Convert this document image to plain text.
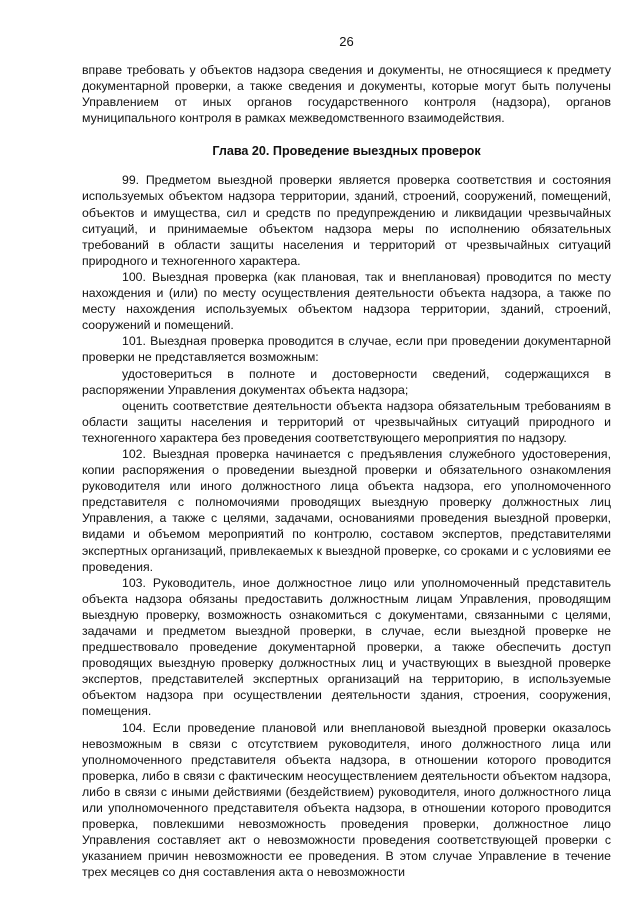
26

вправе требовать у объектов надзора сведения и документы, не относящиеся к предмету документарной проверки, а также сведения и документы, которые могут быть получены Управлением от иных органов государственного контроля (надзора), органов муниципального контроля в рамках межведомственного взаимодействия.

Глава 20. Проведение выездных проверок

99. Предметом выездной проверки является проверка соответствия и состояния используемых объектом надзора территории, зданий, строений, сооружений, помещений, объектов и имущества, сил и средств по предупреждению и ликвидации чрезвычайных ситуаций, и принимаемые объектом надзора меры по исполнению обязательных требований в области защиты населения и территорий от чрезвычайных ситуаций природного и техногенного характера.

100. Выездная проверка (как плановая, так и внеплановая) проводится по месту нахождения и (или) по месту осуществления деятельности объекта надзора, а также по месту нахождения используемых объектом надзора территории, зданий, строений, сооружений и помещений.

101. Выездная проверка проводится в случае, если при проведении документарной проверки не представляется возможным:

удостовериться в полноте и достоверности сведений, содержащихся в распоряжении Управления документах объекта надзора;

оценить соответствие деятельности объекта надзора обязательным требованиям в области защиты населения и территорий от чрезвычайных ситуаций природного и техногенного характера без проведения соответствующего мероприятия по надзору.

102. Выездная проверка начинается с предъявления служебного удостоверения, копии распоряжения о проведении выездной проверки и обязательного ознакомления руководителя или иного должностного лица объекта надзора, его уполномоченного представителя с полномочиями проводящих выездную проверку должностных лиц Управления, а также с целями, задачами, основаниями проведения выездной проверки, видами и объемом мероприятий по контролю, составом экспертов, представителями экспертных организаций, привлекаемых к выездной проверке, со сроками и с условиями ее проведения.

103. Руководитель, иное должностное лицо или уполномоченный представитель объекта надзора обязаны предоставить должностным лицам Управления, проводящим выездную проверку, возможность ознакомиться с документами, связанными с целями, задачами и предметом выездной проверки, в случае, если выездной проверке не предшествовало проведение документарной проверки, а также обеспечить доступ проводящих выездную проверку должностных лиц и участвующих в выездной проверке экспертов, представителей экспертных организаций на территорию, в используемые объектом надзора при осуществлении деятельности здания, строения, сооружения, помещения.

104. Если проведение плановой или внеплановой выездной проверки оказалось невозможным в связи с отсутствием руководителя, иного должностного лица или уполномоченного представителя объекта надзора, в отношении которого проводится проверка, либо в связи с фактическим неосуществлением деятельности объектом надзора, либо в связи с иными действиями (бездействием) руководителя, иного должностного лица или уполномоченного представителя объекта надзора, в отношении которого проводится проверка, повлекшими невозможность проведения проверки, должностное лицо Управления составляет акт о невозможности проведения соответствующей проверки с указанием причин невозможности ее проведения. В этом случае Управление в течение трех месяцев со дня составления акта о невозможности
